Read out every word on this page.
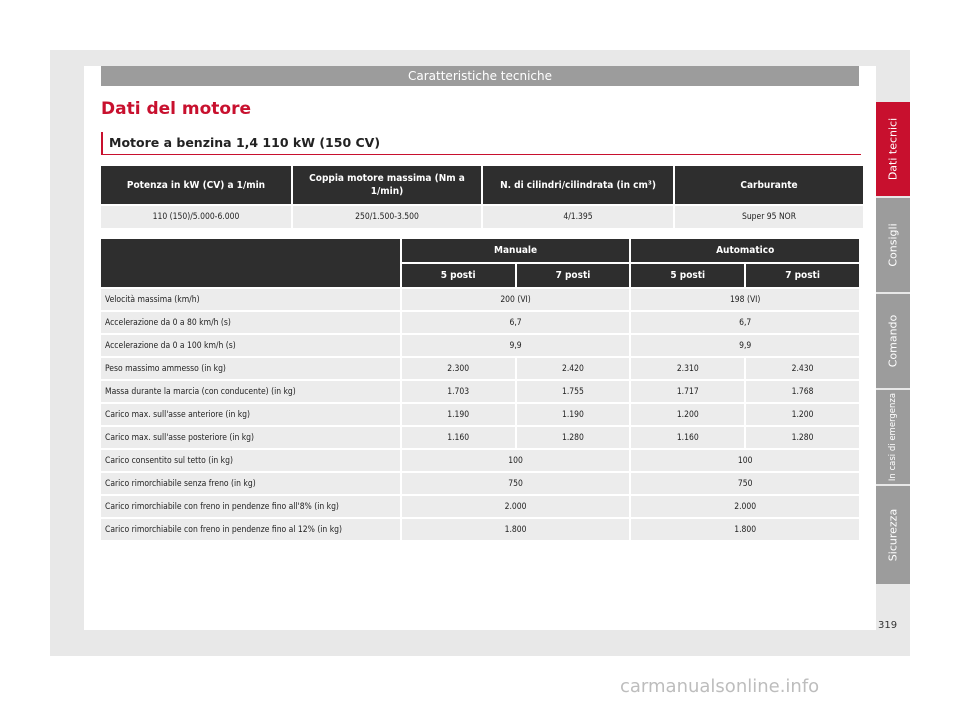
Caratteristiche tecniche
Dati del motore
Motore a benzina 1,4 110 kW (150 CV)
Potenza in kW (CV) a 1/min	Coppia motore massima (Nm a 1/min)	N. di cilindri/cilindrata (in cm³)	Carburante
110 (150)/5.000-6.000	250/1.500-3.500	4/1.395	Super 95 NOR
	Manuale		Automatico	
	5 posti	7 posti	5 posti	7 posti
Velocità massima (km/h)	200 (VI)		198 (VI)	
Accelerazione da 0 a 80 km/h (s)	6,7		6,7	
Accelerazione da 0 a 100 km/h (s)	9,9		9,9	
Peso massimo ammesso (in kg)	2.300	2.420	2.310	2.430
Massa durante la marcia (con conducente) (in kg)	1.703	1.755	1.717	1.768
Carico max. sull'asse anteriore (in kg)	1.190	1.190	1.200	1.200
Carico max. sull'asse posteriore (in kg)	1.160	1.280	1.160	1.280
Carico consentito sul tetto (in kg)	100		100	
Carico rimorchiabile senza freno (in kg)	750		750	
Carico rimorchiabile con freno in pendenze fino all'8% (in kg)	2.000		2.000	
Carico rimorchiabile con freno in pendenze fino al 12% (in kg)	1.800		1.800	
Dati tecnici
Consigli
Comando
In casi di emergenza
Sicurezza
319
carmanualsonline.info
